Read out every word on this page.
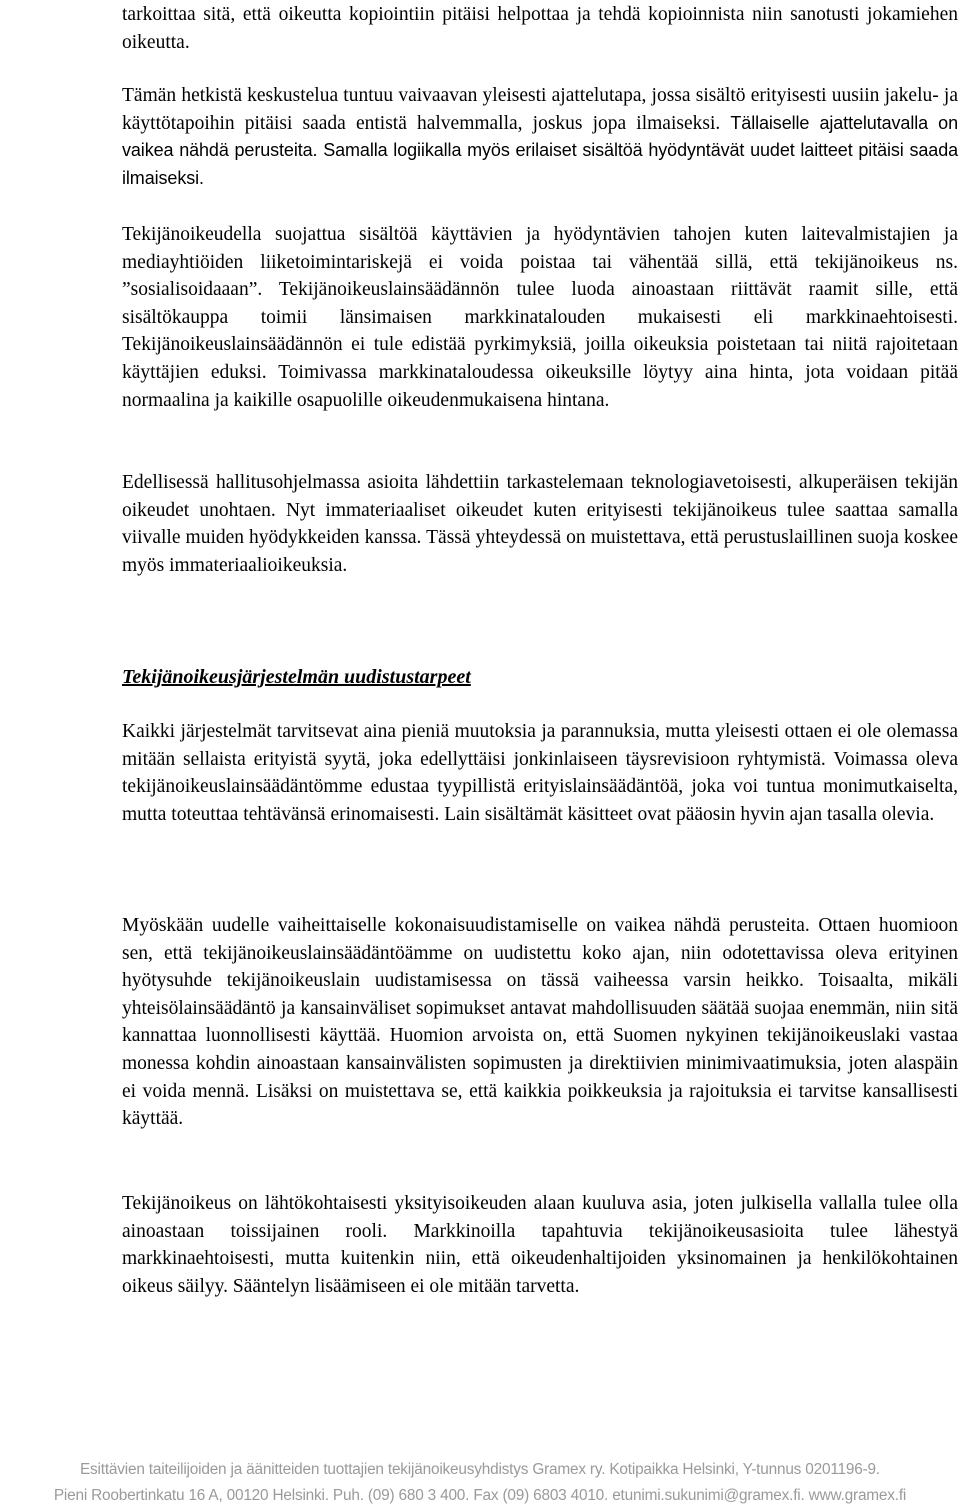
tarkoittaa sitä, että oikeutta kopiointiin pitäisi helpottaa ja tehdä kopioinnista niin sanotusti jokamiehen oikeutta.

Tämän hetkistä keskustelua tuntuu vaivaavan yleisesti ajattelutapa, jossa sisältö erityisesti uusiin jakelu- ja käyttötapoihin pitäisi saada entistä halvemmalla, joskus jopa ilmaiseksi. Tällaiselle ajattelutavalla on vaikea nähdä perusteita. Samalla logiikalla myös erilaiset sisältöä hyödyntävät uudet laitteet pitäisi saada ilmaiseksi.

Tekijänoikeudella suojattua sisältöä käyttävien ja hyödyntävien tahojen kuten laitevalmistajien ja mediayhtiöiden liiketoimintariskejä ei voida poistaa tai vähentää sillä, että tekijänoikeus ns. ”sosialisoidaaan”. Tekijänoikeuslainsäädännön tulee luoda ainoastaan riittävät raamit sille, että sisältökauppa toimii länsimaisen markkinatalouden mukaisesti eli markkinaehtoisesti. Tekijänoikeuslainsäädännön ei tule edistää pyrkimyksiä, joilla oikeuksia poistetaan tai niitä rajoitetaan käyttäjien eduksi. Toimivassa markkinataloudessa oikeuksille löytyy aina hinta, jota voidaan pitää normaalina ja kaikille osapuolille oikeudenmukaisena hintana.

Edellisessä hallitusohjelmassa asioita lähdettiin tarkastelemaan teknologiavetoisesti, alkuperäisen tekijän oikeudet unohtaen. Nyt immateriaaliset oikeudet kuten erityisesti tekijänoikeus tulee saattaa samalla viivalle muiden hyödykkeiden kanssa. Tässä yhteydessä on muistettava, että perustuslaillinen suoja koskee myös immateriaalioikeuksia.

Tekijänoikeusjärjestelmän uudistustarpeet

Kaikki järjestelmät tarvitsevat aina pieniä muutoksia ja parannuksia, mutta yleisesti ottaen ei ole olemassa mitään sellaista erityistä syytä, joka edellyttäisi jonkinlaiseen täysrevisioon ryhtymistä. Voimassa oleva tekijänoikeuslainsäädäntömme edustaa tyypillistä erityislainsäädäntöä, joka voi tuntua monimutkaiselta, mutta toteuttaa tehtävänsä erinomaisesti. Lain sisältämät käsitteet ovat pääosin hyvin ajan tasalla olevia.

Myöskään uudelle vaiheittaiselle kokonaisuudistamiselle on vaikea nähdä perusteita. Ottaen huomioon sen, että tekijänoikeuslainsäädäntöämme on uudistettu koko ajan, niin odotettavissa oleva erityinen hyötysuhde tekijänoikeuslain uudistamisessa on tässä vaiheessa varsin heikko. Toisaalta, mikäli yhteisölainsäädäntö ja kansainväliset sopimukset antavat mahdollisuuden säätää suojaa enemmän, niin sitä kannattaa luonnollisesti käyttää. Huomion arvoista on, että Suomen nykyinen tekijänoikeuslaki vastaa monessa kohdin ainoastaan kansainvälisten sopimusten ja direktiivien minimivaatimuksia, joten alaspäin ei voida mennä. Lisäksi on muistettava se, että kaikkia poikkeuksia ja rajoituksia ei tarvitse kansallisesti käyttää.

Tekijänoikeus on lähtökohtaisesti yksityisoikeuden alaan kuuluva asia, joten julkisella vallalla tulee olla ainoastaan toissijainen rooli. Markkinoilla tapahtuvia tekijänoikeusasioita tulee lähestyä markkinaehtoisesti, mutta kuitenkin niin, että oikeudenhaltijoiden yksinomainen ja henkilökohtainen oikeus säilyy. Sääntelyn lisäämiseen ei ole mitään tarvetta.

Esittävien taiteilijoiden ja äänitteiden tuottajien tekijänoikeusyhdistys Gramex ry. Kotipaikka Helsinki, Y-tunnus 0201196-9.
Pieni Roobertinkatu 16 A, 00120 Helsinki. Puh. (09) 680 3 400. Fax (09) 6803 4010. etunimi.sukunimi@gramex.fi. www.gramex.fi
